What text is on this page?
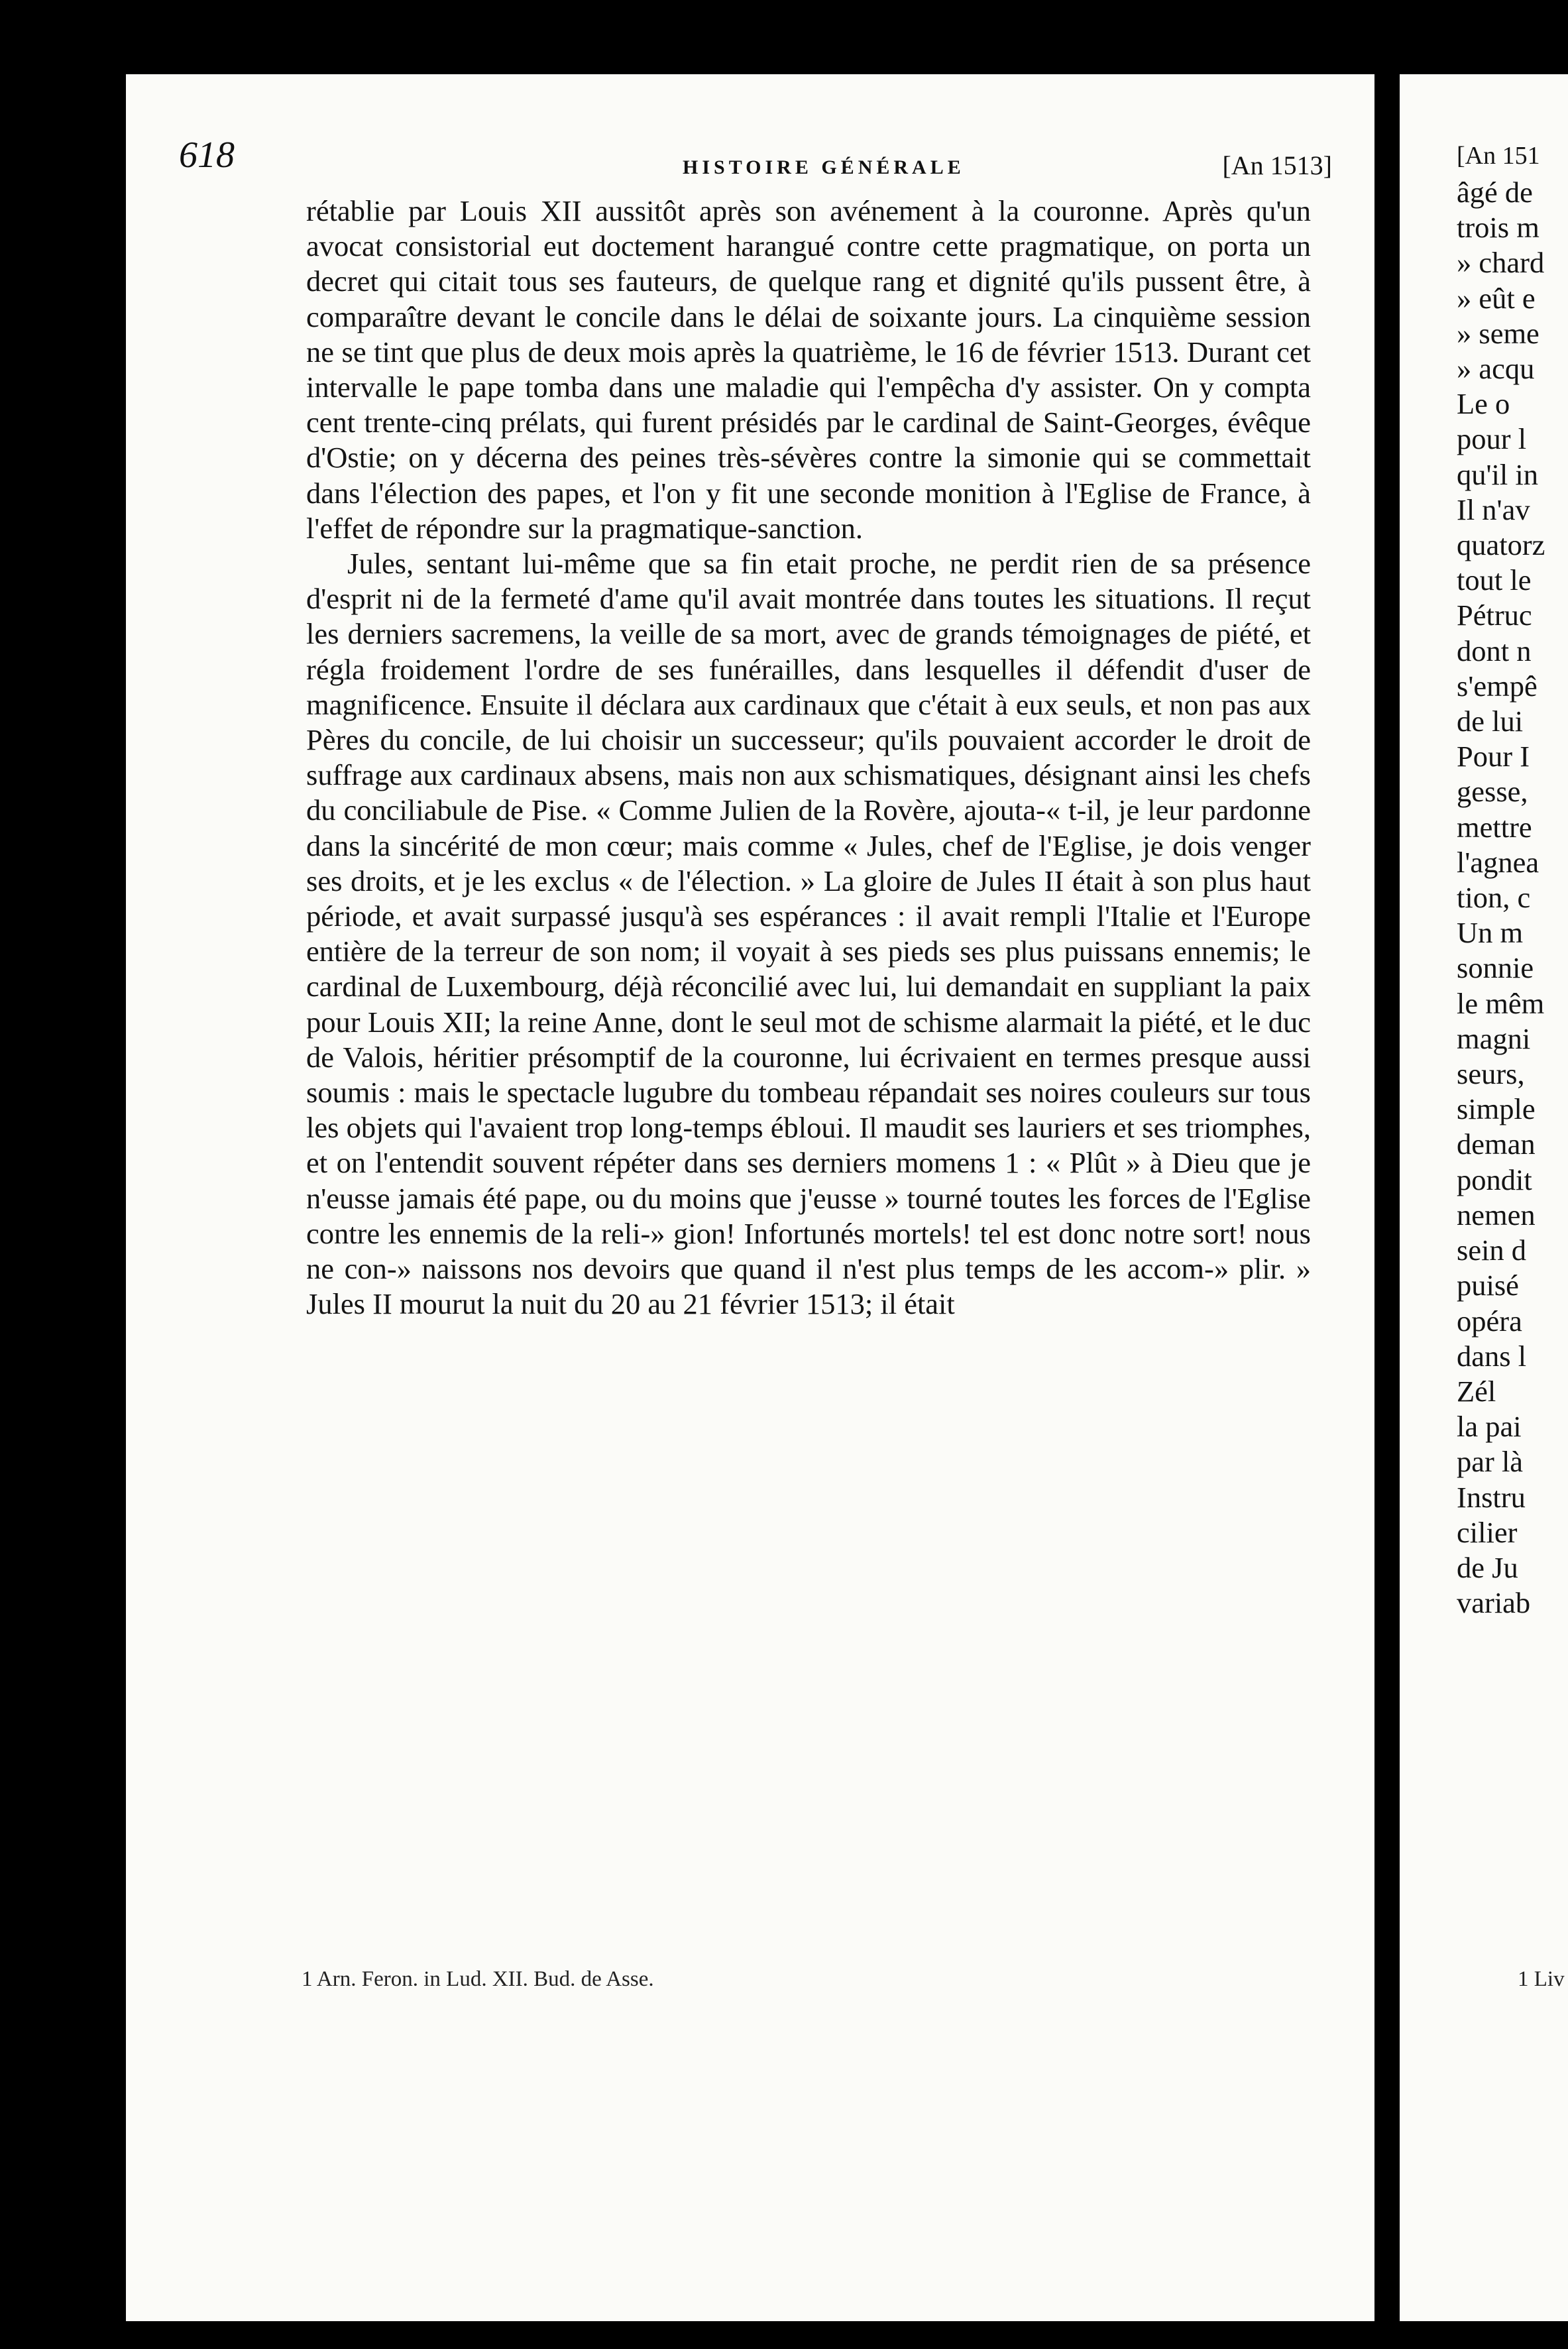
618	HISTOIRE GÉNÉRALE	[An 1513]

rétablie par Louis XII aussitôt après son avénement à la couronne. Après qu'un avocat consistorial eut doctement harangué contre cette pragmatique, on porta un decret qui citait tous ses fauteurs, de quelque rang et dignité qu'ils pussent être, à comparaître devant le concile dans le délai de soixante jours. La cinquième session ne se tint que plus de deux mois après la quatrième, le 16 de février 1513. Durant cet intervalle le pape tomba dans une maladie qui l'empêcha d'y assister. On y compta cent trente-cinq prélats, qui furent présidés par le cardinal de Saint-Georges, évêque d'Ostie; on y décerna des peines très-sévères contre la simonie qui se commettait dans l'élection des papes, et l'on y fit une seconde monition à l'Eglise de France, à l'effet de répondre sur la pragmatique-sanction.

Jules, sentant lui-même que sa fin etait proche, ne perdit rien de sa présence d'esprit ni de la fermeté d'ame qu'il avait montrée dans toutes les situations. Il reçut les derniers sacremens, la veille de sa mort, avec de grands témoignages de piété, et régla froidement l'ordre de ses funérailles, dans lesquelles il défendit d'user de magnificence. Ensuite il déclara aux cardinaux que c'était à eux seuls, et non pas aux Pères du concile, de lui choisir un successeur; qu'ils pouvaient accorder le droit de suffrage aux cardinaux absens, mais non aux schismatiques, désignant ainsi les chefs du conciliabule de Pise. « Comme Julien de la Rovère, ajouta-« t-il, je leur pardonne dans la sincérité de mon cœur; mais comme « Jules, chef de l'Eglise, je dois venger ses droits, et je les exclus « de l'élection. » La gloire de Jules II était à son plus haut période, et avait surpassé jusqu'à ses espérances : il avait rempli l'Italie et l'Europe entière de la terreur de son nom; il voyait à ses pieds ses plus puissans ennemis; le cardinal de Luxembourg, déjà réconcilié avec lui, lui demandait en suppliant la paix pour Louis XII; la reine Anne, dont le seul mot de schisme alarmait la piété, et le duc de Valois, héritier présomptif de la couronne, lui écrivaient en termes presque aussi soumis : mais le spectacle lugubre du tombeau répandait ses noires couleurs sur tous les objets qui l'avaient trop long-temps ébloui. Il maudit ses lauriers et ses triomphes, et on l'entendit souvent répéter dans ses derniers momens 1 : « Plût » à Dieu que je n'eusse jamais été pape, ou du moins que j'eusse » tourné toutes les forces de l'Eglise contre les ennemis de la reli-» gion! Infortunés mortels! tel est donc notre sort! nous ne con-» naissons nos devoirs que quand il n'est plus temps de les accom-» plir. » Jules II mourut la nuit du 20 au 21 février 1513; il était

1 Arn. Feron. in Lud. XII. Bud. de Asse.
[An 151
âgé de
trois m
» chard
» eût e
» seme
» acqu
Le o
pour l
qu'il in
Il n'av
quatorz
tout le
Pétruc
dont n
s'empê
de lui
Pour I
gesse,
mettre
l'agnea
tion, c
Un m
sonnie
le mêm
magni
seurs,
simple
deman
pondit
nemen
sein d
puisé
opéra
dans l
Zél
la pai
par là
Instru
cilier
de Ju
variab
1 Liv
